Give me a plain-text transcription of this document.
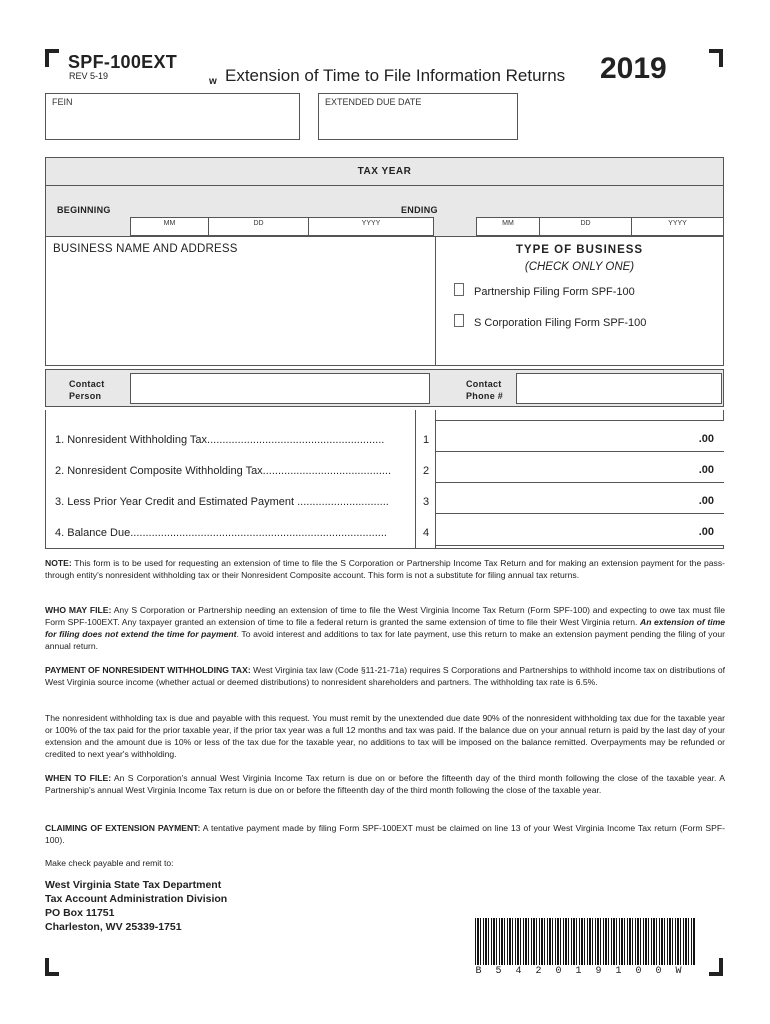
SPF-100EXT
REV 5-19	w Extension of Time to File Information Returns 2019
FEIN	EXTENDED DUE DATE
TAX YEAR
BEGINNING	ENDING
MM	DD	YYYY	MM	DD	YYYY
BUSINESS NAME AND ADDRESS	TYPE OF BUSINESS
(CHECK ONLY ONE)
Partnership Filing Form SPF-100
S Corporation Filing Form SPF-100
Contact
Person
Contact
Phone #
1. Nonresident Withholding Tax..........................................................	1	.00
2. Nonresident Composite Withholding Tax..........................................	2	.00
3. Less Prior Year Credit and Estimated Payment ..............................	3	.00
4. Balance Due....................................................................................	4	.00
NOTE: This form is to be used for requesting an extension of time to file the S Corporation or Partnership Income Tax Return and for making an extension payment for the pass-through entity's nonresident withholding tax or their Nonresident Composite account. This form is not a substitute for filing annual tax returns.
WHO MAY FILE: Any S Corporation or Partnership needing an extension of time to file the West Virginia Income Tax Return (Form SPF-100) and expecting to owe tax must file Form SPF-100EXT. Any taxpayer granted an extension of time to file a federal return is granted the same extension of time to file their West Virginia return. An extension of time for filing does not extend the time for payment. To avoid interest and additions to tax for late payment, use this return to make an extension payment pending the filing of your annual return.
PAYMENT OF NONRESIDENT WITHHOLDING TAX: West Virginia tax law (Code §11-21-71a) requires S Corporations and Partnerships to withhold income tax on distributions of West Virginia source income (whether actual or deemed distributions) to nonresident shareholders and partners. The withholding tax rate is 6.5%.
The nonresident withholding tax is due and payable with this request. You must remit by the unextended due date 90% of the nonresident withholding tax due for the taxable year or 100% of the tax paid for the prior taxable year, if the prior tax year was a full 12 months and tax was paid. If the balance due on your annual return is paid by the last day of your extension and the amount due is 10% or less of the tax due for the taxable year, no additions to tax will be imposed on the balance remitted. Overpayments may be refunded or credited to next year's withholding.
WHEN TO FILE: An S Corporation's annual West Virginia Income Tax return is due on or before the fifteenth day of the third month following the close of the taxable year. A Partnership's annual West Virginia Income Tax return is due on or before the fifteenth day of the third month following the close of the taxable year.
CLAIMING OF EXTENSION PAYMENT: A tentative payment made by filing Form SPF-100EXT must be claimed on line 13 of your West Virginia Income Tax return (Form SPF-100).
Make check payable and remit to:
West Virginia State Tax Department
Tax Account Administration Division
PO Box 11751
Charleston, WV 25339-1751
B542019100W
